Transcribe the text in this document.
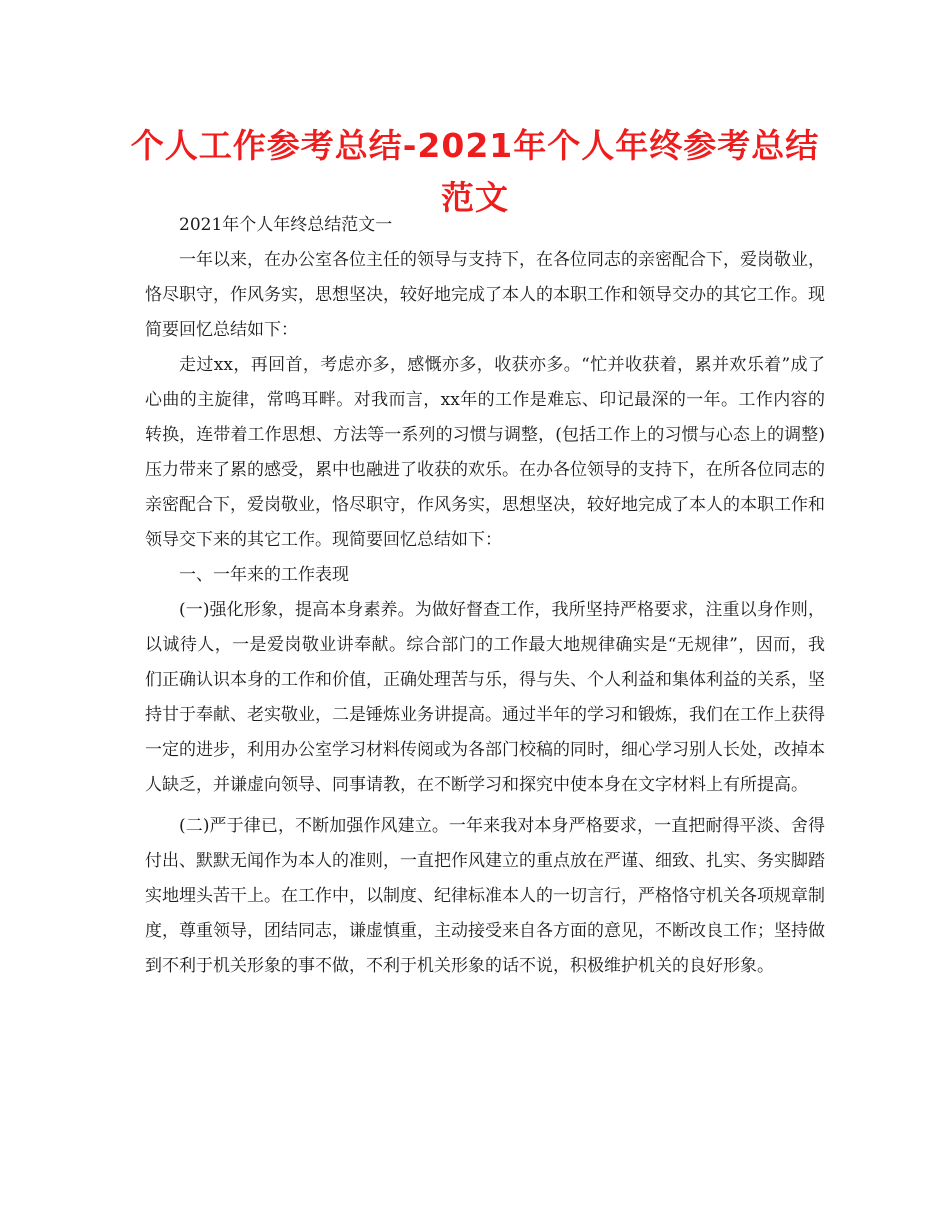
个人工作参考总结-2021年个人年终参考总结范文

2021年个人年终总结范文一

一年以来，在办公室各位主任的领导与支持下，在各位同志的亲密配合下，爱岗敬业，恪尽职守，作风务实，思想坚决，较好地完成了本人的本职工作和领导交办的其它工作。现简要回忆总结如下：

走过xx，再回首，考虑亦多，感慨亦多，收获亦多。“忙并收获着，累并欢乐着”成了心曲的主旋律，常鸣耳畔。对我而言，xx年的工作是难忘、印记最深的一年。工作内容的转换，连带着工作思想、方法等一系列的习惯与调整，(包括工作上的习惯与心态上的调整)压力带来了累的感受，累中也融进了收获的欢乐。在办各位领导的支持下，在所各位同志的亲密配合下，爱岗敬业，恪尽职守，作风务实，思想坚决，较好地完成了本人的本职工作和领导交下来的其它工作。现简要回忆总结如下：

一、一年来的工作表现

(一)强化形象，提高本身素养。为做好督查工作，我所坚持严格要求，注重以身作则，以诚待人，一是爱岗敬业讲奉献。综合部门的工作最大地规律确实是“无规律”，因而，我们正确认识本身的工作和价值，正确处理苦与乐，得与失、个人利益和集体利益的关系，坚持甘于奉献、老实敬业，二是锤炼业务讲提高。通过半年的学习和锻炼，我们在工作上获得一定的进步，利用办公室学习材料传阅或为各部门校稿的同时，细心学习别人长处，改掉本人缺乏，并谦虚向领导、同事请教，在不断学习和探究中使本身在文字材料上有所提高。

(二)严于律已，不断加强作风建立。一年来我对本身严格要求，一直把耐得平淡、舍得付出、默默无闻作为本人的准则，一直把作风建立的重点放在严谨、细致、扎实、务实脚踏实地埋头苦干上。在工作中，以制度、纪律标准本人的一切言行，严格恪守机关各项规章制度，尊重领导，团结同志，谦虚慎重，主动接受来自各方面的意见，不断改良工作；坚持做到不利于机关形象的事不做，不利于机关形象的话不说，积极维护机关的良好形象。
